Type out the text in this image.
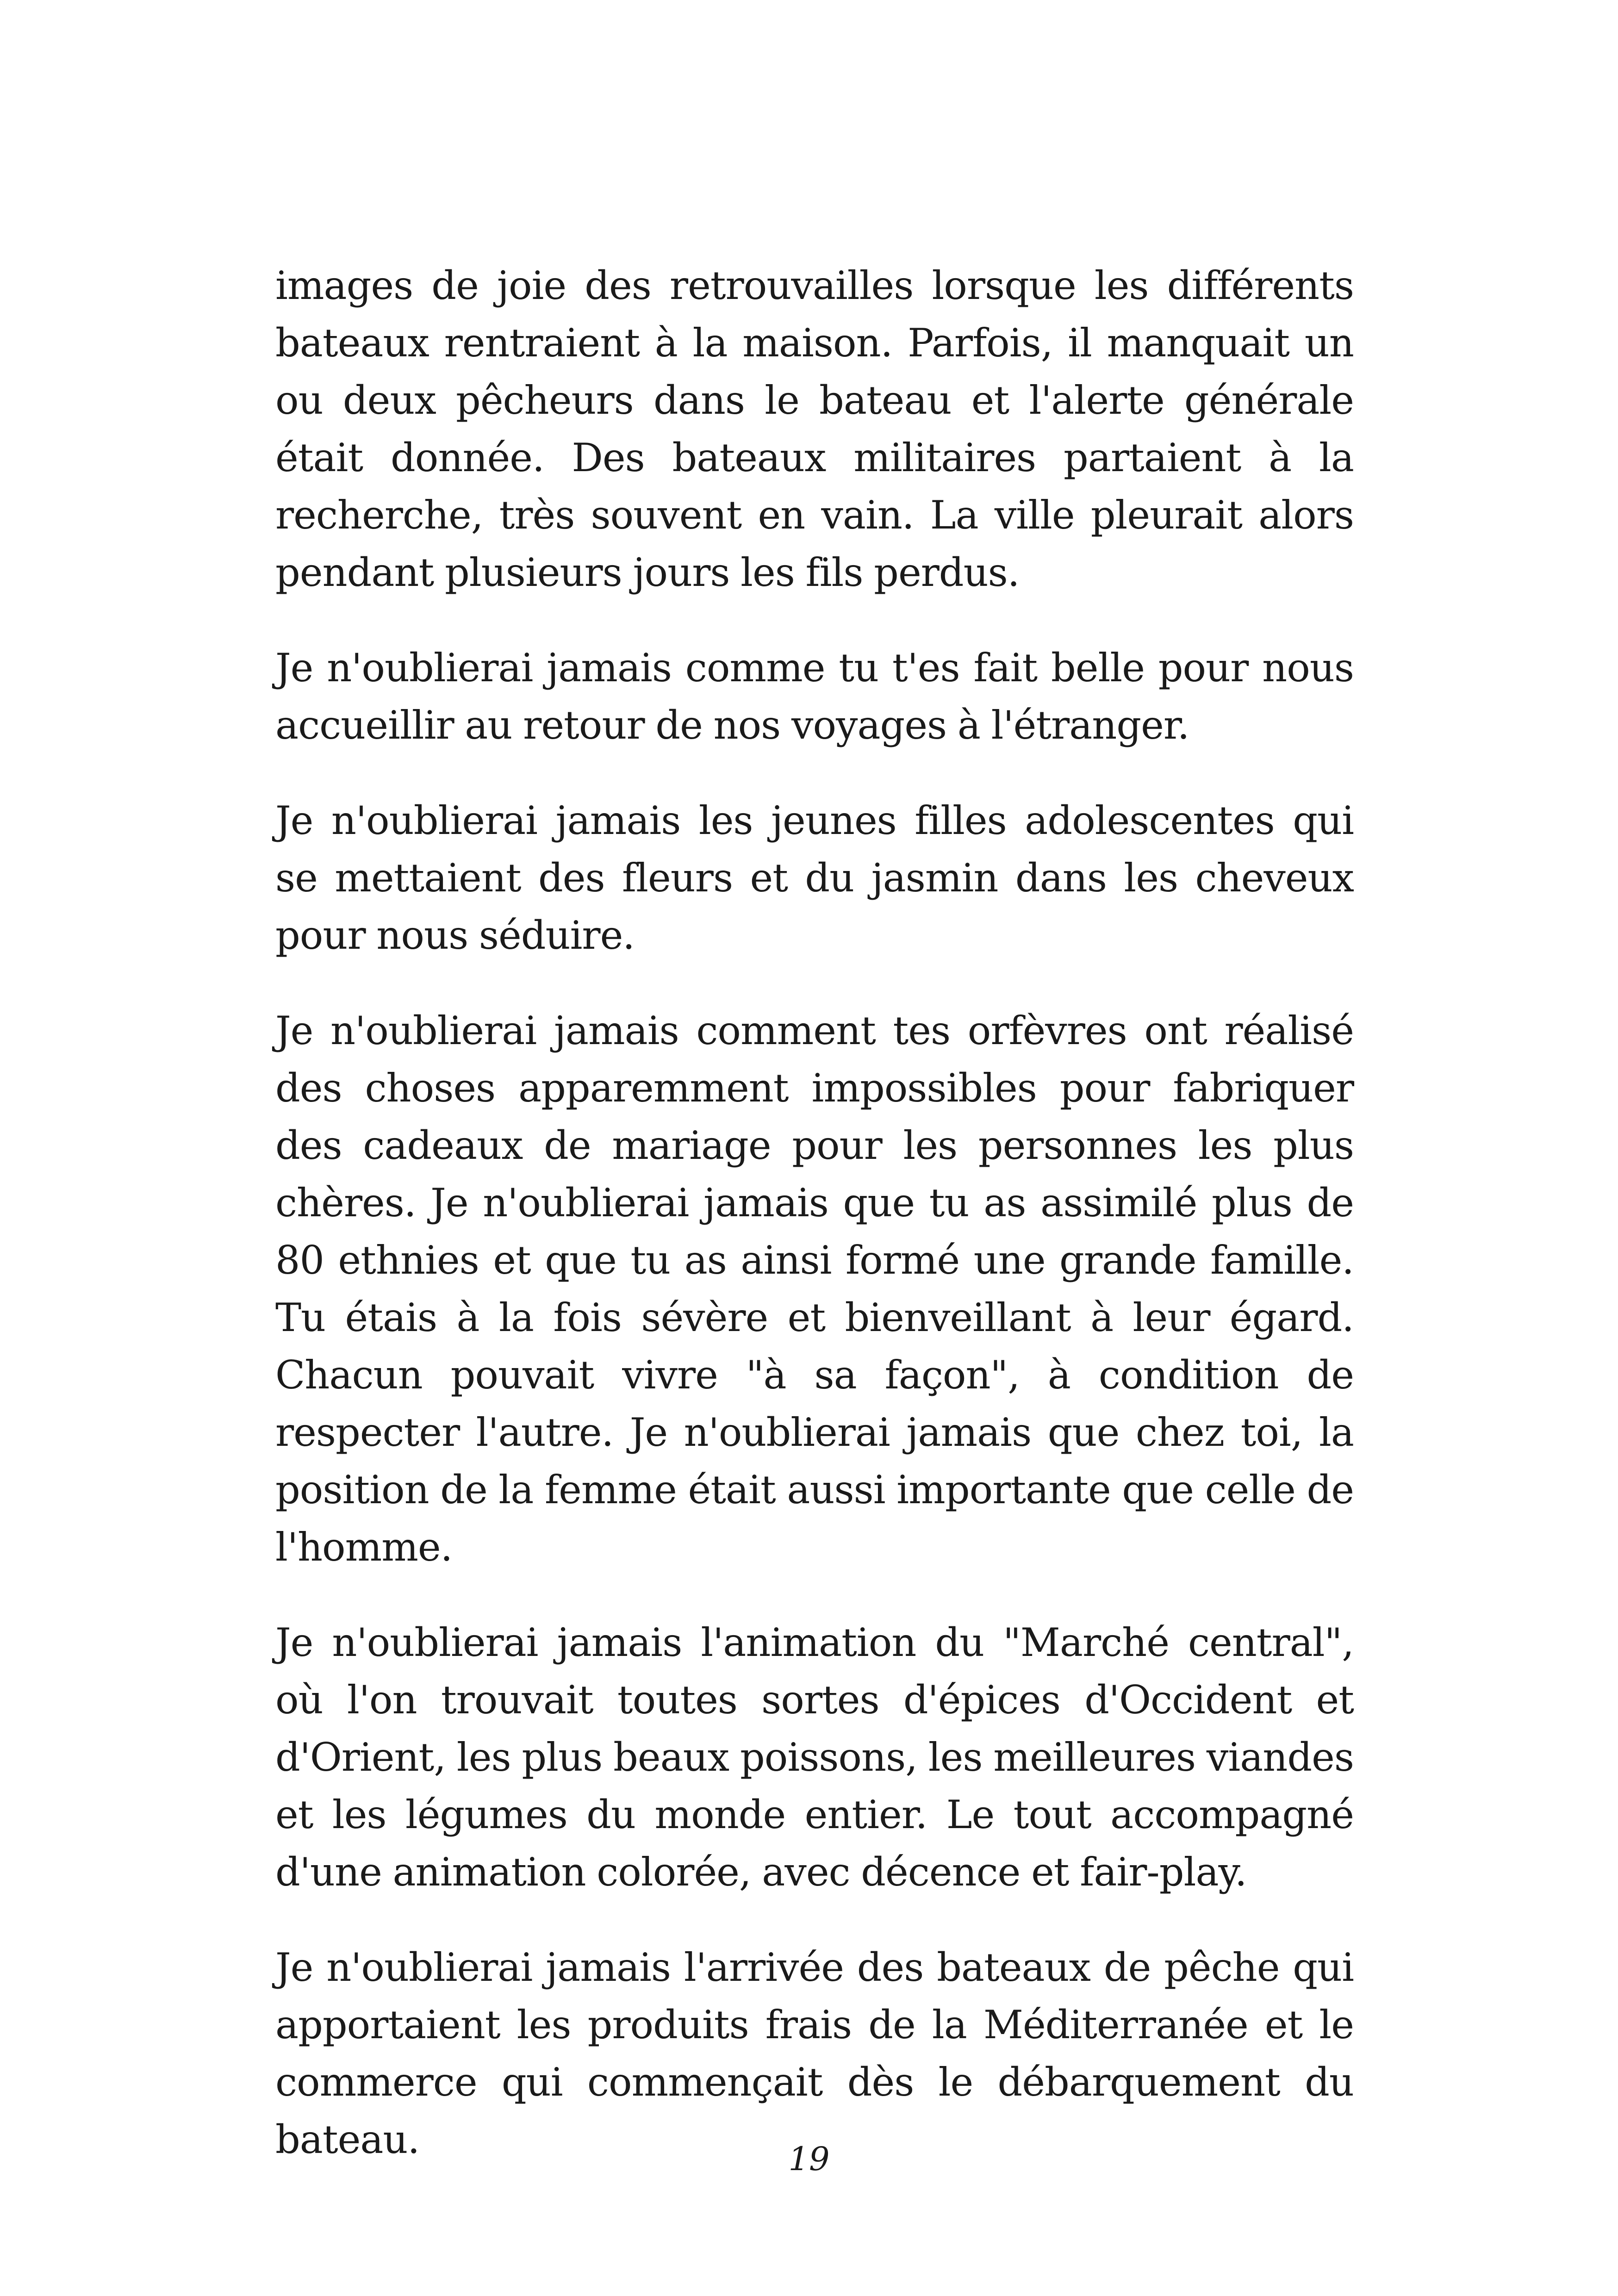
images de joie des retrouvailles lorsque les différents bateaux rentraient à la maison. Parfois, il manquait un ou deux pêcheurs dans le bateau et l'alerte générale était donnée. Des bateaux militaires partaient à la recherche, très souvent en vain. La ville pleurait alors pendant plusieurs jours les fils perdus.

Je n'oublierai jamais comme tu t'es fait belle pour nous accueillir au retour de nos voyages à l'étranger.

Je n'oublierai jamais les jeunes filles adolescentes qui se mettaient des fleurs et du jasmin dans les cheveux pour nous séduire.

Je n'oublierai jamais comment tes orfèvres ont réalisé des choses apparemment impossibles pour fabriquer des cadeaux de mariage pour les personnes les plus chères. Je n'oublierai jamais que tu as assimilé plus de 80 ethnies et que tu as ainsi formé une grande famille. Tu étais à la fois sévère et bienveillant à leur égard. Chacun pouvait vivre "à sa façon", à condition de respecter l'autre. Je n'oublierai jamais que chez toi, la position de la femme était aussi importante que celle de l'homme.

Je n'oublierai jamais l'animation du "Marché central", où l'on trouvait toutes sortes d'épices d'Occident et d'Orient, les plus beaux poissons, les meilleures viandes et les légumes du monde entier. Le tout accompagné d'une animation colorée, avec décence et fair-play.

Je n'oublierai jamais l'arrivée des bateaux de pêche qui apportaient les produits frais de la Méditerranée et le commerce qui commençait dès le débarquement du bateau.	19
